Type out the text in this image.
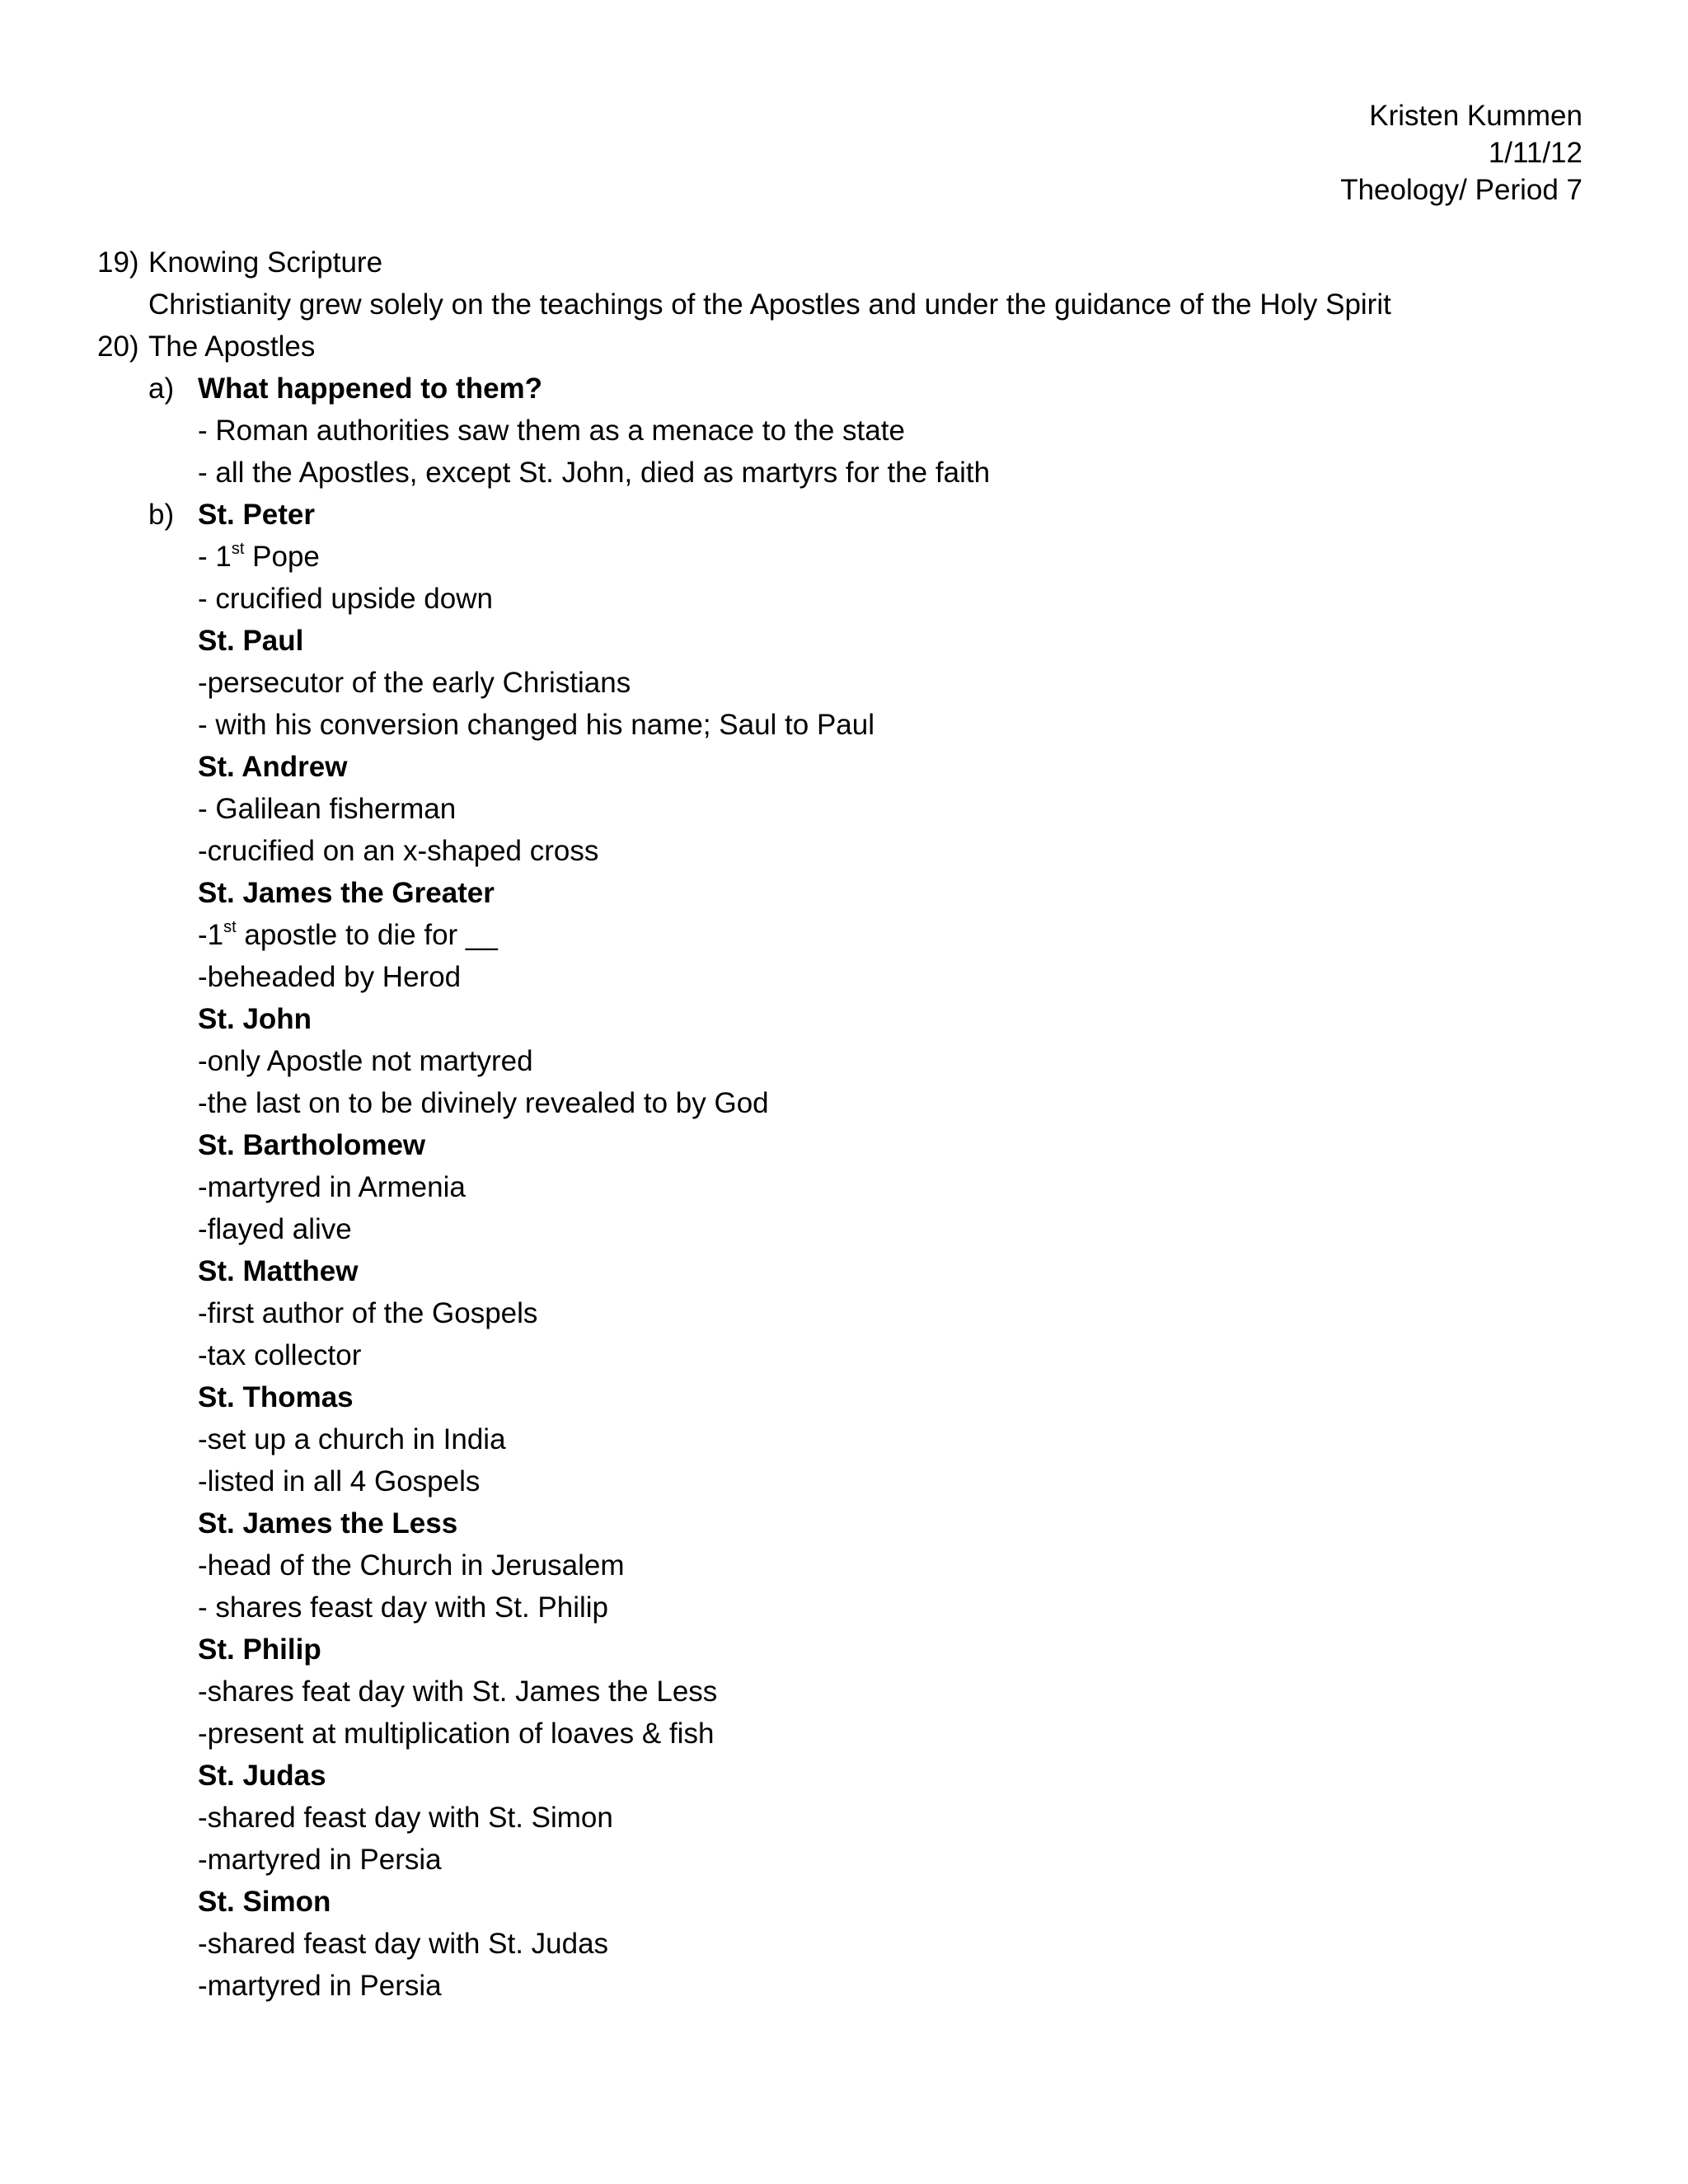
Kristen Kummen
1/11/12
Theology/ Period 7
19) Knowing Scripture
Christianity grew solely on the teachings of the Apostles and under the guidance of the Holy Spirit
20) The Apostles
a) What happened to them?
- Roman authorities saw them as a menace to the state
- all the Apostles, except St. John, died as martyrs for the faith
b) St. Peter
- 1st Pope
- crucified upside down
St. Paul
-persecutor of the early Christians
- with his conversion changed his name; Saul to Paul
St. Andrew
- Galilean fisherman
-crucified on an x-shaped cross
St. James the Greater
-1st apostle to die for __
-beheaded by Herod
St. John
-only Apostle not martyred
-the last on to be divinely revealed to by God
St. Bartholomew
-martyred in Armenia
-flayed alive
St. Matthew
-first author of the Gospels
-tax collector
St. Thomas
-set up a church in India
-listed in all 4 Gospels
St. James the Less
-head of the Church in Jerusalem
- shares feast day with St. Philip
St. Philip
-shares feat day with St. James the Less
-present at multiplication of loaves & fish
St. Judas
-shared feast day with St. Simon
-martyred in Persia
St. Simon
-shared feast day with St. Judas
-martyred in Persia
